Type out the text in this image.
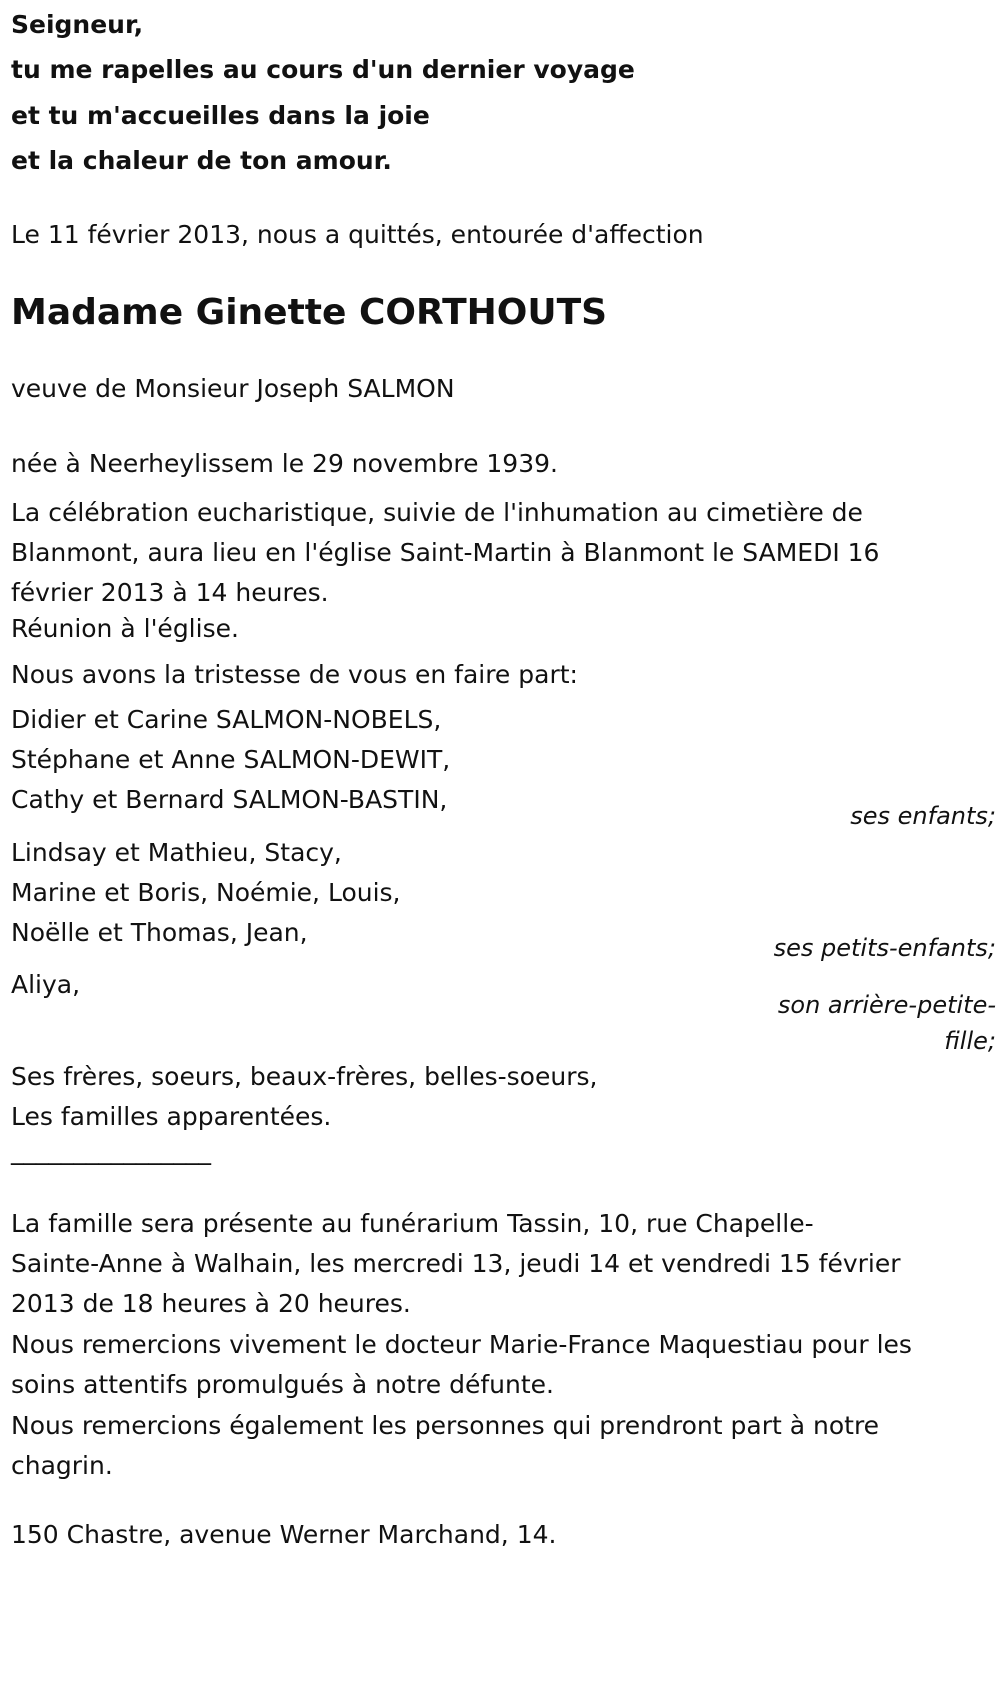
Seigneur,
tu me rapelles au cours d'un dernier voyage
et tu m'accueilles dans la joie
et la chaleur de ton amour.
Le 11 février 2013, nous a quittés, entourée d'affection
Madame Ginette CORTHOUTS
veuve de Monsieur Joseph SALMON
née à Neerheylissem le 29 novembre 1939.
La célébration eucharistique, suivie de l'inhumation au cimetière de
Blanmont, aura lieu en l'église Saint-Martin à Blanmont le SAMEDI 16
février 2013 à 14 heures.
Réunion à l'église.
Nous avons la tristesse de vous en faire part:
Didier et Carine SALMON-NOBELS,
Stéphane et Anne SALMON-DEWIT,
Cathy et Bernard SALMON-BASTIN,
ses enfants;
Lindsay et Mathieu, Stacy,
Marine et Boris, Noémie, Louis,
Noëlle et Thomas, Jean,
ses petits-enfants;
Aliya,
son arrière-petite-
fille;
Ses frères, soeurs, beaux-frères, belles-soeurs,
Les familles apparentées.
________________
La famille sera présente au funérarium Tassin, 10, rue Chapelle-
Sainte-Anne à Walhain, les mercredi 13, jeudi 14 et vendredi 15 février
2013 de 18 heures à 20 heures.
Nous remercions vivement le docteur Marie-France Maquestiau pour les
soins attentifs promulgués à notre défunte.
Nous remercions également les personnes qui prendront part à notre
chagrin.
150 Chastre, avenue Werner Marchand, 14.
